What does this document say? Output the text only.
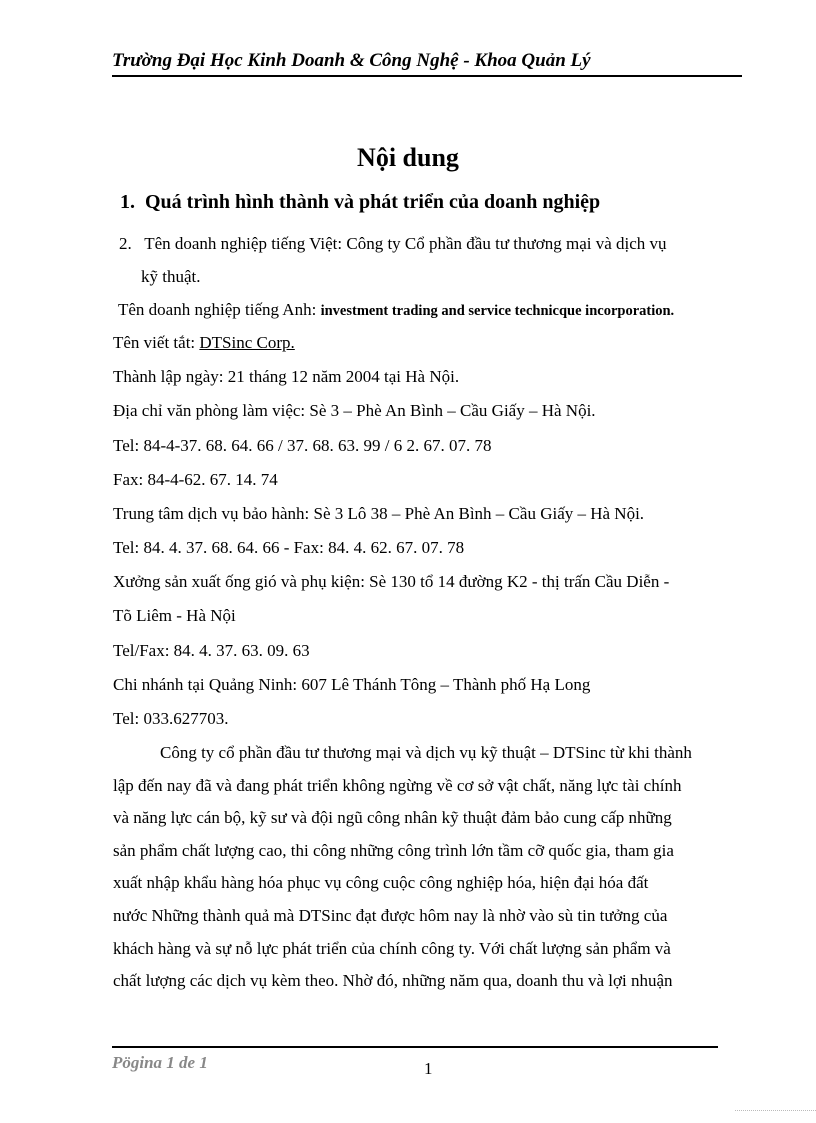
Trường Đại Học Kinh Doanh & Công Nghệ - Khoa Quản Lý
Nội dung
1. Quá trình hình thành và phát triển của doanh nghiệp
2. Tên doanh nghiệp tiếng Việt: Công ty Cổ phần đầu tư thương mại và dịch vụ
kỹ thuật.
Tên doanh nghiệp tiếng Anh: investment trading and service technicque incorporation.
Tên viết tắt: DTSinc Corp.
Thành lập ngày: 21 tháng 12 năm 2004 tại Hà Nội.
Địa chỉ văn phòng làm việc: Sè 3 – Phè An Bình – Cầu Giấy – Hà Nội.
Tel: 84-4-37. 68. 64. 66 / 37. 68. 63. 99 / 6 2. 67. 07. 78
Fax: 84-4-62. 67. 14. 74
Trung tâm dịch vụ bảo hành: Sè 3 Lô 38 – Phè An Bình – Cầu Giấy – Hà Nội.
Tel: 84. 4. 37. 68. 64. 66 - Fax: 84. 4. 62. 67. 07. 78
Xưởng sản xuất ống gió và phụ kiện: Sè 130 tổ 14 đường K2 - thị trấn Cầu Diễn -
Tõ Liêm - Hà Nội
Tel/Fax: 84. 4. 37. 63. 09. 63
Chi nhánh tại Quảng Ninh: 607 Lê Thánh Tông – Thành phố Hạ Long
Tel: 033.627703.
Công ty cổ phần đầu tư thương mại và dịch vụ kỹ thuật – DTSinc từ khi thành
lập đến nay đã và đang phát triển không ngừng về cơ sở vật chất, năng lực tài chính
và năng lực cán bộ, kỹ sư và đội ngũ công nhân kỹ thuật đảm bảo cung cấp những
sản phẩm chất lượng cao, thi công những công trình lớn tầm cỡ quốc gia, tham gia
xuất nhập khẩu hàng hóa phục vụ công cuộc công nghiệp hóa, hiện đại hóa đất
nước Những thành quả mà DTSinc đạt được hôm nay là nhờ vào sù tin tưởng của
khách hàng và sự nỗ lực phát triển của chính công ty. Với chất lượng sản phẩm và
chất lượng các dịch vụ kèm theo. Nhờ đó, những năm qua, doanh thu và lợi nhuận
Pögina 1 de 1	1
